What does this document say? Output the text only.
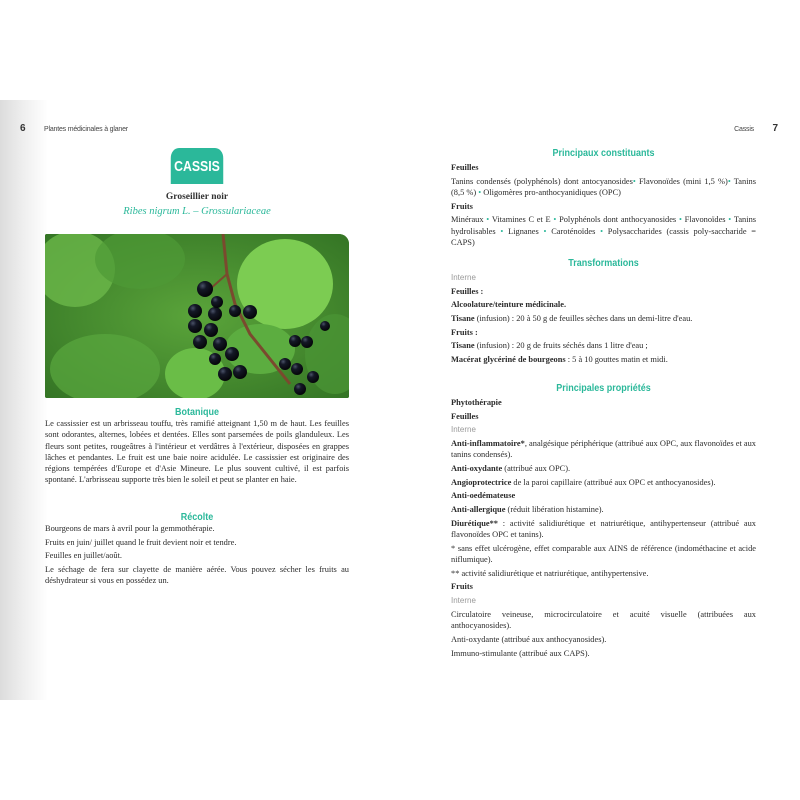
6	Plantes médicinales à glaner	Cassis 7
CASSIS
Groseillier noir
Ribes nigrum L. – Grossulariaceae
Botanique

Le cassissier est un arbrisseau touffu, très ramifié atteignant 1,50 m de haut. Les feuilles sont odorantes, alternes, lobées et dentées. Elles sont parsemées de poils glanduleux. Les fleurs sont petites, rougeâtres à l'intérieur et verdâtres à l'extérieur, disposées en grappes lâches et pendantes. Le fruit est une baie noire acidulée. Le cassissier est originaire des régions tempérées d'Europe et d'Asie Mineure. Le plus souvent cultivé, il est parfois spontané. L'arbrisseau supporte très bien le soleil et peut se planter en haie.

Récolte

Bourgeons de mars à avril pour la gemmothérapie.

Fruits en juin/ juillet quand le fruit devient noir et tendre.

Feuilles en juillet/août.

Le séchage de fera sur clayette de manière aérée. Vous pouvez sécher les fruits au déshydrateur si vous en possédez un.

Principaux constituants

Feuilles

Tanins condensés (polyphénols) dont antocyanosides• Flavonoïdes (mini 1,5 %)• Tanins (8,5 %) • Oligomères pro-anthocyanidiques (OPC)

Fruits

Minéraux • Vitamines C et E • Polyphénols dont anthocyanosides • Flavonoïdes • Tanins hydrolisables • Lignanes • Caroténoïdes • Polysaccharides (cassis poly-saccharide = CAPS)

Transformations

Interne

Feuilles :

Alcoolature/teinture médicinale.

Tisane (infusion) : 20 à 50 g de feuilles sèches dans un demi-litre d'eau.

Fruits :

Tisane (infusion) : 20 g de fruits séchés dans 1 litre d'eau ;

Macérat glycériné de bourgeons : 5 à 10 gouttes matin et midi.

Principales propriétés

Phytothérapie

Feuilles

Interne

Anti-inflammatoire*, analgésique périphérique (attribué aux OPC, aux flavonoïdes et aux tanins condensés).

Anti-oxydante (attribué aux OPC).

Angioprotectrice de la paroi capillaire (attribué aux OPC et anthocyanosides).

Anti-oedémateuse

Anti-allergique (réduit libération histamine).

Diurétique** : activité salidiurétique et natriurétique, antihypertenseur (attribué aux flavonoïdes OPC et tanins).

* sans effet ulcérogène, effet comparable aux AINS de référence (indométhacine et acide niflumique).

** activité salidiurétique et natriurétique, antihypertensive.

Fruits

Interne

Circulatoire veineuse, microcirculatoire et acuité visuelle (attribuées aux anthocyanosides).

Anti-oxydante (attribué aux anthocyanosides).

Immuno-stimulante (attribué aux CAPS).
